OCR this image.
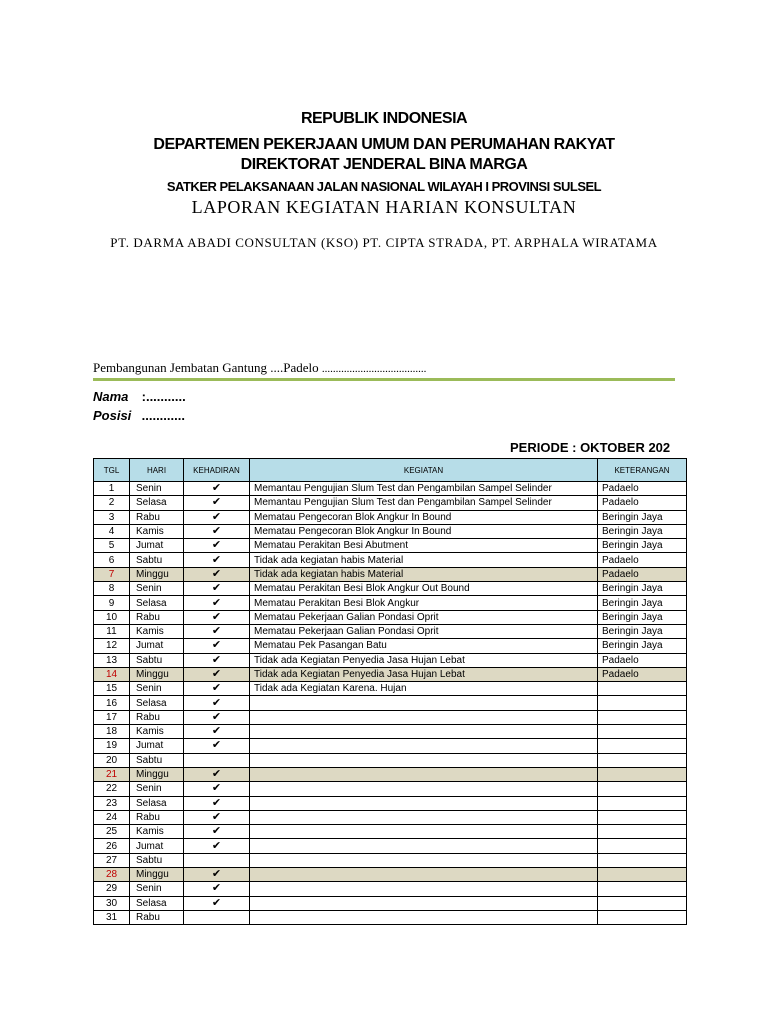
REPUBLIK INDONESIA
DEPARTEMEN PEKERJAAN UMUM DAN PERUMAHAN RAKYAT
DIREKTORAT JENDERAL BINA MARGA
SATKER PELAKSANAAN JALAN NASIONAL WILAYAH I PROVINSI SULSEL
LAPORAN KEGIATAN HARIAN KONSULTAN
PT. DARMA ABADI CONSULTAN (KSO) PT. CIPTA STRADA, PT. ARPHALA WIRATAMA
Pembangunan Jembatan Gantung ....Padelo ......................................
Nama :...........
Posisi ............
PERIODE : OKTOBER 202
TGL	HARI	KEHADIRAN	KEGIATAN	KETERANGAN
1	Senin	✔	Memantau Pengujian Slum Test dan Pengambilan Sampel Selinder	Padaelo
2	Selasa	✔	Memantau Pengujian Slum Test dan Pengambilan Sampel Selinder	Padaelo
3	Rabu	✔	Mematau Pengecoran Blok Angkur In Bound	Beringin Jaya
4	Kamis	✔	Mematau Pengecoran Blok Angkur In Bound	Beringin Jaya
5	Jumat	✔	Mematau Perakitan Besi Abutment	Beringin Jaya
6	Sabtu	✔	Tidak ada kegiatan habis Material	Padaelo
7	Minggu	✔	Tidak ada kegiatan habis Material	Padaelo
8	Senin	✔	Mematau Perakitan Besi Blok Angkur Out Bound	Beringin Jaya
9	Selasa	✔	Mematau Perakitan Besi Blok Angkur	Beringin Jaya
10	Rabu	✔	Mematau Pekerjaan Galian Pondasi Oprit	Beringin Jaya
11	Kamis	✔	Mematau Pekerjaan Galian Pondasi Oprit	Beringin Jaya
12	Jumat	✔	Mematau Pek Pasangan Batu	Beringin Jaya
13	Sabtu	✔	Tidak ada Kegiatan Penyedia Jasa Hujan Lebat	Padaelo
14	Minggu	✔	Tidak ada Kegiatan Penyedia Jasa Hujan Lebat	Padaelo
15	Senin	✔	Tidak ada Kegiatan Karena. Hujan	
16	Selasa	✔		
17	Rabu	✔		
18	Kamis	✔		
19	Jumat	✔		
20	Sabtu			
21	Minggu	✔		
22	Senin	✔		
23	Selasa	✔		
24	Rabu	✔		
25	Kamis	✔		
26	Jumat	✔		
27	Sabtu			
28	Minggu	✔		
29	Senin	✔		
30	Selasa	✔		
31	Rabu			
